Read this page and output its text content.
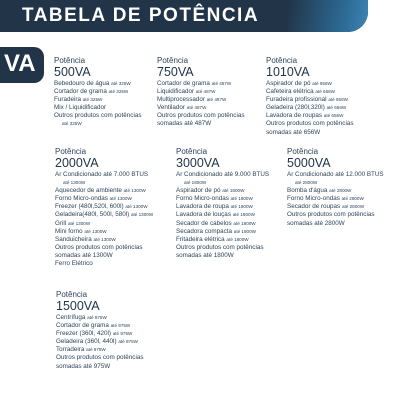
TABELA DE POTÊNCIA
VA Potência
500VA
Bebedouro de água até 325W
Cortador de grama até 325W
Furadeira até 325W
Mix / Liquidificador
Outros produtos com potências
até 325W
Potência
750VA
Cortador de grama até 487W
Liquidificador até 487W
Multiprocessador até 487W
Ventilador até 487W
Outros produtos com potências
somadas até 487W
Potência
1010VA
Aspirador de pó até 656W
Cafeteira elétrica até 656W
Furadeira profissional até 656W
Geladeira (280l,320l) até 656W
Lavadora de roupas até 656W
Outros produtos com potências
somadas até 656W
Potência
2000VA
Ar Condicionado até 7.000 BTUS
até 1300W
Aquecedor de ambiente até 1300W
Forno Micro-ondas até 1300W
Freezer (480l,520l, 600l) até 1300W
Geladeira(480l, 500l, 580l) até 1300W
Grill até 1300W
Mini forno até 1300W
Sanduicheira até 1300W
Outros produtos com potências
somadas até 1300W
Ferro Elétrico
Potência
3000VA
Ar Condicionado até 9.000 BTUS
até 1800W
Aspirador de pó até 1800W
Forno Micro-ondas até 1800W
Lavadora de roupa até 1800W
Lavadora de louças até 1800W
Secador de cabelos até 1800W
Secadora compacta até 1800W
Fritadeira elétrica até 1800W
Outros produtos com potências
somadas até 1800W
Potência
5000VA
Ar Condicionado até 12.000 BTUS
até 2800W
Bomba d'água até 2800W
Forno Micro-ondas até 2800W
Secador de roupas até 2800W
Outros produtos com potências
somadas até 2800W
Potência
1500VA
Centrífuga até 975W
Cortador de grama até 975W
Freezer (360l, 420l) até 975W
Geladeira (360l, 440l) até 975W
Torradeira até 975W
Outros produtos com potências
somadas até 975W
